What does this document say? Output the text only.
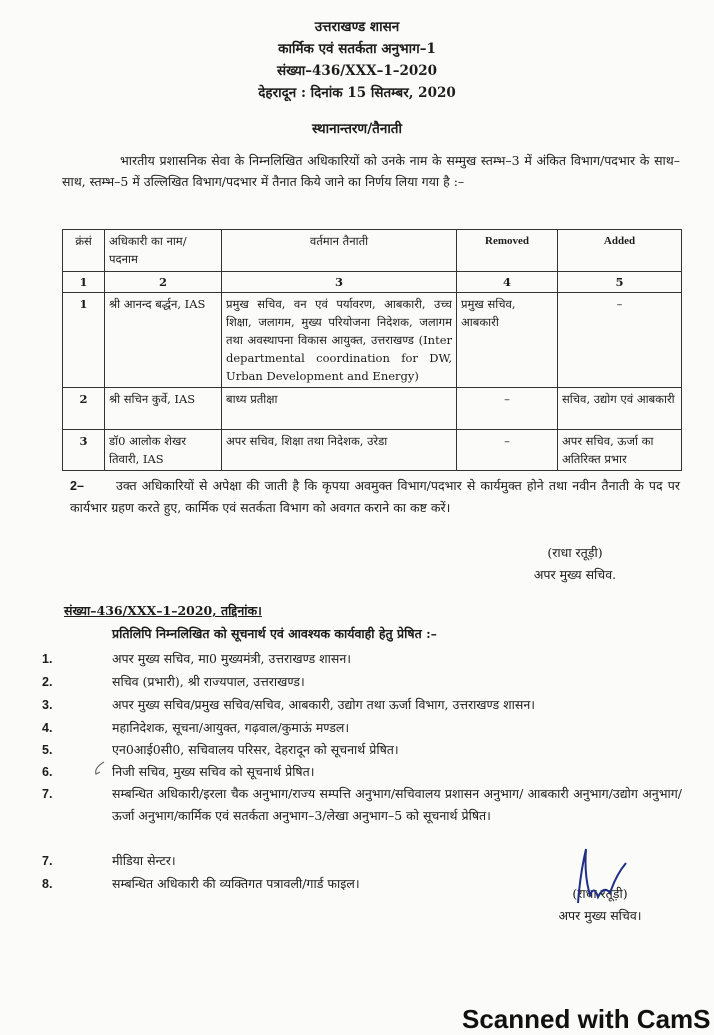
उत्तराखण्ड शासन
कार्मिक एवं सतर्कता अनुभाग–1
संख्या–436/XXX–1–2020
देहरादून : दिनांक 15 सितम्बर, 2020
स्थानान्तरण/तैनाती
भारतीय प्रशासनिक सेवा के निम्नलिखित अधिकारियों को उनके नाम के सम्मुख स्तम्भ–3 में अंकित विभाग/पदभार के साथ–साथ, स्तम्भ–5 में उल्लिखित विभाग/पदभार में तैनात किये जाने का निर्णय लिया गया है :–
क्रंसं	अधिकारी का नाम/ पदनाम	वर्तमान तैनाती	Removed	Added
1	2	3	4	5
1	श्री आनन्द बर्द्धन, IAS	प्रमुख सचिव, वन एवं पर्यावरण, आबकारी, उच्च शिक्षा, जलागम, मुख्य परियोजना निदेशक, जलागम तथा अवस्थापना विकास आयुक्त, उत्तराखण्ड (Inter departmental coordination for DW, Urban Development and Energy)	प्रमुख सचिव, आबकारी	–
2	श्री सचिन कुर्वे, IAS	बाध्य प्रतीक्षा	–	सचिव, उद्योग एवं आबकारी
3	डॉ0 आलोक शेखर तिवारी, IAS	अपर सचिव, शिक्षा तथा निदेशक, उरेडा	–	अपर सचिव, ऊर्जा का अतिरिक्त प्रभार
2–	उक्त अधिकारियों से अपेक्षा की जाती है कि कृपया अवमुक्त विभाग/पदभार से कार्यमुक्त होने तथा नवीन तैनाती के पद पर कार्यभार ग्रहण करते हुए, कार्मिक एवं सतर्कता विभाग को अवगत कराने का कष्ट करें।
(राधा रतूड़ी)
अपर मुख्य सचिव.
संख्या–436/XXX–1–2020, तद्दिनांक।
प्रतिलिपि निम्नलिखित को सूचनार्थ एवं आवश्यक कार्यवाही हेतु प्रेषित :–
1.	अपर मुख्य सचिव, मा0 मुख्यमंत्री, उत्तराखण्ड शासन।
2.	सचिव (प्रभारी), श्री राज्यपाल, उत्तराखण्ड।
3.	अपर मुख्य सचिव/प्रमुख सचिव/सचिव, आबकारी, उद्योग तथा ऊर्जा विभाग, उत्तराखण्ड शासन।
4.	महानिदेशक, सूचना/आयुक्त, गढ़वाल/कुमाऊं मण्डल।
5.	एन0आई0सी0, सचिवालय परिसर, देहरादून को सूचनार्थ प्रेषित।
6.	निजी सचिव, मुख्य सचिव को सूचनार्थ प्रेषित।
7.	सम्बन्धित अधिकारी/इरला चैक अनुभाग/राज्य सम्पत्ति अनुभाग/सचिवालय प्रशासन अनुभाग/ आबकारी अनुभाग/उद्योग अनुभाग/ऊर्जा अनुभाग/कार्मिक एवं सतर्कता अनुभाग–3/लेखा अनुभाग–5 को सूचनार्थ प्रेषित।
7.	मीडिया सेन्टर।
8.	सम्बन्धित अधिकारी की व्यक्तिगत पत्रावली/गार्ड फाइल।
(राधा रतूड़ी)
अपर मुख्य सचिव।
Scanned with CamS
